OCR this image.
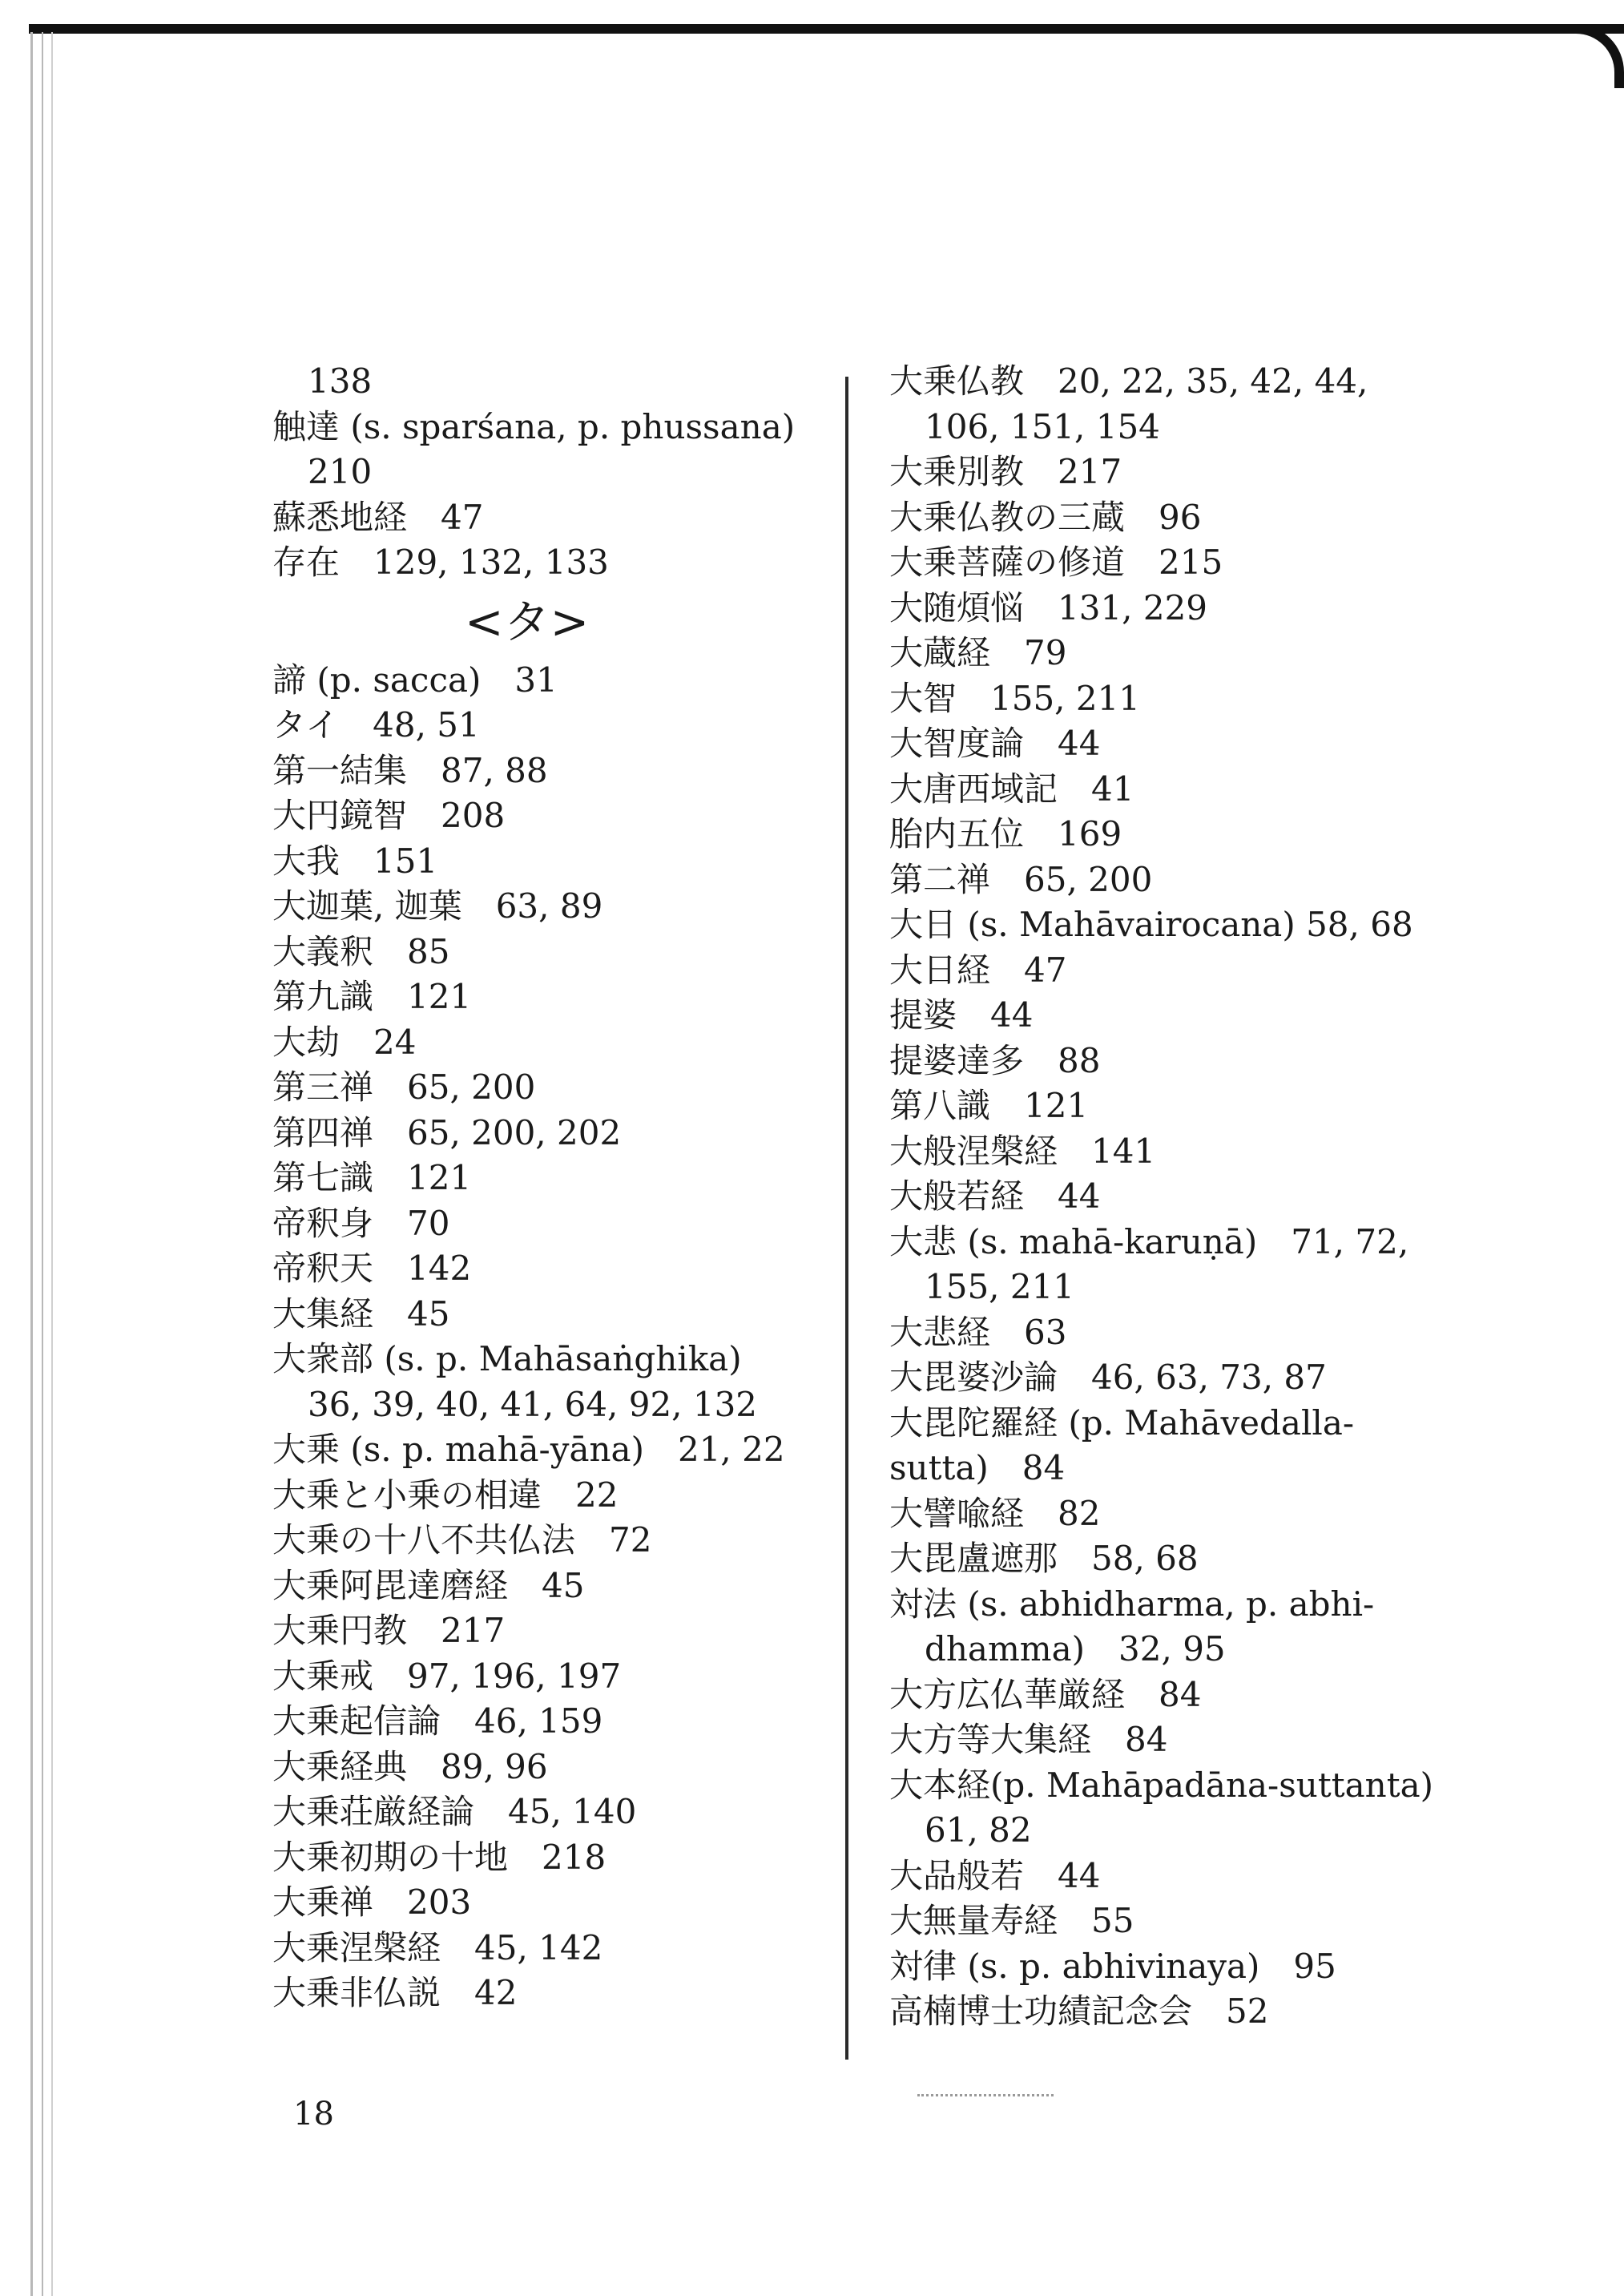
138
触達 (s. sparśana, p. phussana)
210
蘇悉地経　47
存在　129, 132, 133
<タ>
諦 (p. sacca)　31
タイ　48, 51
第一結集　87, 88
大円鏡智　208
大我　151
大迦葉, 迦葉　63, 89
大義釈　85
第九識　121
大劫　24
第三禅　65, 200
第四禅　65, 200, 202
第七識　121
帝釈身　70
帝釈天　142
大集経　45
大衆部 (s. p. Mahāsaṅghika)
36, 39, 40, 41, 64, 92, 132
大乗 (s. p. mahā-yāna)　21, 22
大乗と小乗の相違　22
大乗の十八不共仏法　72
大乗阿毘達磨経　45
大乗円教　217
大乗戒　97, 196, 197
大乗起信論　46, 159
大乗経典　89, 96
大乗荘厳経論　45, 140
大乗初期の十地　218
大乗禅　203
大乗涅槃経　45, 142
大乗非仏説　42
大乗仏教　20, 22, 35, 42, 44,
106, 151, 154
大乗別教　217
大乗仏教の三蔵　96
大乗菩薩の修道　215
大随煩悩　131, 229
大蔵経　79
大智　155, 211
大智度論　44
大唐西域記　41
胎内五位　169
第二禅　65, 200
大日 (s. Mahāvairocana) 58, 68
大日経　47
提婆　44
提婆達多　88
第八識　121
大般涅槃経　141
大般若経　44
大悲 (s. mahā-karuṇā)　71, 72,
155, 211
大悲経　63
大毘婆沙論　46, 63, 73, 87
大毘陀羅経 (p. Mahāvedalla-
sutta)　84
大譬喩経　82
大毘盧遮那　58, 68
対法 (s. abhidharma, p. abhi-
dhamma)　32, 95
大方広仏華厳経　84
大方等大集経　84
大本経(p. Mahāpadāna-suttanta)
61, 82
大品般若　44
大無量寿経　55
対律 (s. p. abhivinaya)　95
高楠博士功績記念会　52
18
